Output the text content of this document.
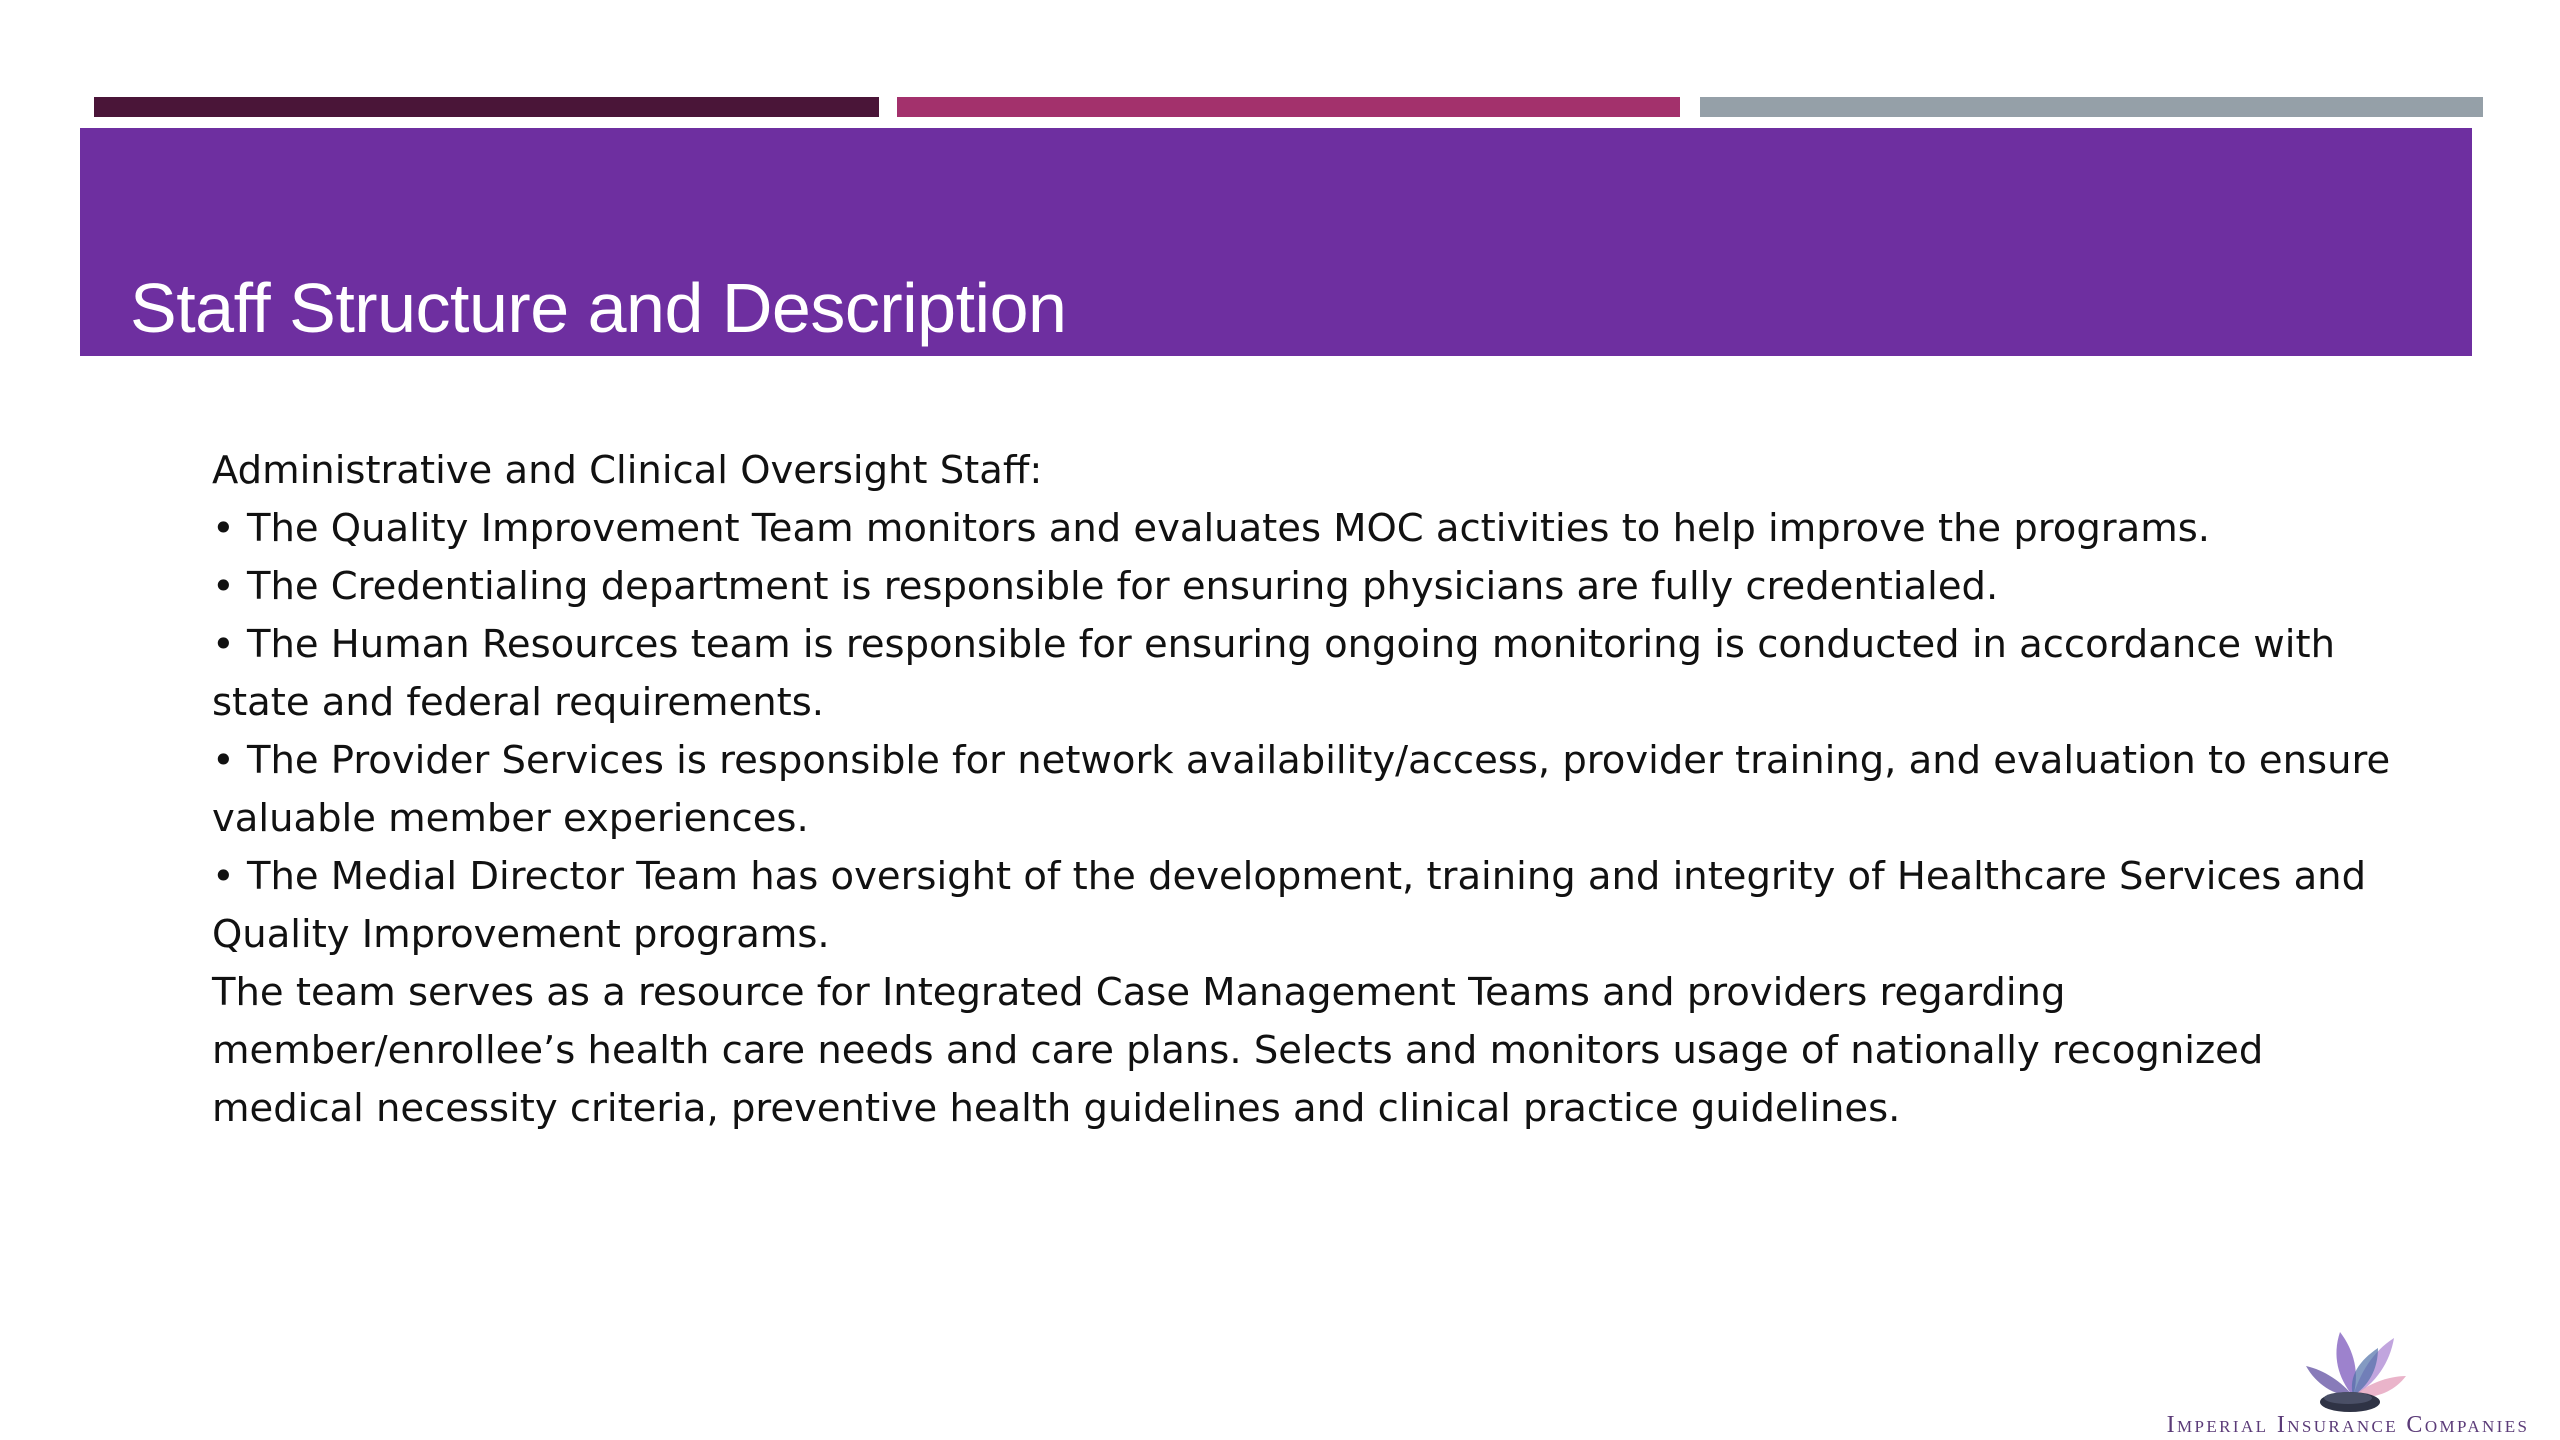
Staff Structure and Description

Administrative and Clinical Oversight Staff:

• The Quality Improvement Team monitors and evaluates MOC activities to help improve the programs.

• The Credentialing department is responsible for ensuring physicians are fully credentialed.

• The Human Resources team is responsible for ensuring ongoing monitoring is conducted in accordance with state and federal requirements.

• The Provider Services is responsible for network availability/access, provider training, and evaluation to ensure valuable member experiences.

• The Medial Director Team has oversight of the development, training and integrity of Healthcare Services and Quality Improvement programs.

The team serves as a resource for Integrated Case Management Teams and providers regarding member/enrollee’s health care needs and care plans. Selects and monitors usage of nationally recognized medical necessity criteria, preventive health guidelines and clinical practice guidelines.

Imperial Insurance Companies
